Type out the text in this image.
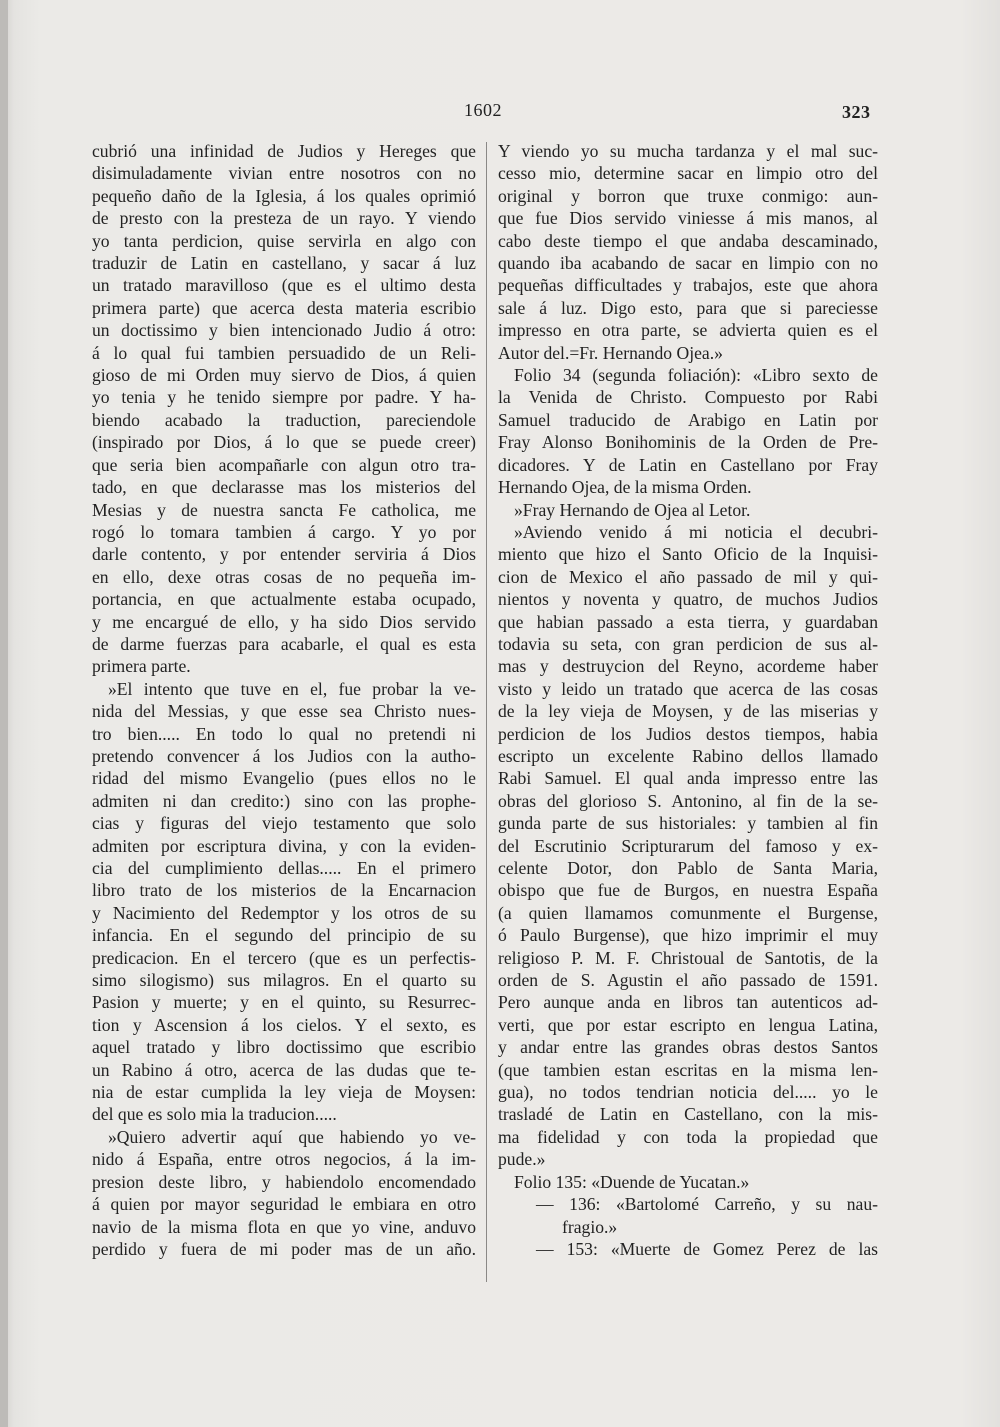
1602	323
cubrió una infinidad de Judios y Hereges que
disimuladamente vivian entre nosotros con no
pequeño daño de la Iglesia, á los quales oprimió
de presto con la presteza de un rayo. Y viendo
yo tanta perdicion, quise servirla en algo con
traduzir de Latin en castellano, y sacar á luz
un tratado maravilloso (que es el ultimo desta
primera parte) que acerca desta materia escribio
un doctissimo y bien intencionado Judio á otro:
á lo qual fui tambien persuadido de un Reli-
gioso de mi Orden muy siervo de Dios, á quien
yo tenia y he tenido siempre por padre. Y ha-
biendo acabado la traduction, pareciendole
(inspirado por Dios, á lo que se puede creer)
que seria bien acompañarle con algun otro tra-
tado, en que declarasse mas los misterios del
Mesias y de nuestra sancta Fe catholica, me
rogó lo tomara tambien á cargo. Y yo por
darle contento, y por entender serviria á Dios
en ello, dexe otras cosas de no pequeña im-
portancia, en que actualmente estaba ocupado,
y me encargué de ello, y ha sido Dios servido
de darme fuerzas para acabarle, el qual es esta
primera parte.
»El intento que tuve en el, fue probar la ve-
nida del Messias, y que esse sea Christo nues-
tro bien..... En todo lo qual no pretendi ni
pretendo convencer á los Judios con la autho-
ridad del mismo Evangelio (pues ellos no le
admiten ni dan credito:) sino con las prophe-
cias y figuras del viejo testamento que solo
admiten por escriptura divina, y con la eviden-
cia del cumplimiento dellas..... En el primero
libro trato de los misterios de la Encarnacion
y Nacimiento del Redemptor y los otros de su
infancia. En el segundo del principio de su
predicacion. En el tercero (que es un perfectis-
simo silogismo) sus milagros. En el quarto su
Pasion y muerte; y en el quinto, su Resurrec-
tion y Ascension á los cielos. Y el sexto, es
aquel tratado y libro doctissimo que escribio
un Rabino á otro, acerca de las dudas que te-
nia de estar cumplida la ley vieja de Moysen:
del que es solo mia la traducion.....
»Quiero advertir aquí que habiendo yo ve-
nido á España, entre otros negocios, á la im-
presion deste libro, y habiendolo encomendado
á quien por mayor seguridad le embiara en otro
navio de la misma flota en que yo vine, anduvo
perdido y fuera de mi poder mas de un año.
Y viendo yo su mucha tardanza y el mal suc-
cesso mio, determine sacar en limpio otro del
original y borron que truxe conmigo: aun-
que fue Dios servido viniesse á mis manos, al
cabo deste tiempo el que andaba descaminado,
quando iba acabando de sacar en limpio con no
pequeñas difficultades y trabajos, este que ahora
sale á luz. Digo esto, para que si pareciesse
impresso en otra parte, se advierta quien es el
Autor del.=Fr. Hernando Ojea.»
Folio 34 (segunda foliación): «Libro sexto de
la Venida de Christo. Compuesto por Rabi
Samuel traducido de Arabigo en Latin por
Fray Alonso Bonihominis de la Orden de Pre-
dicadores. Y de Latin en Castellano por Fray
Hernando Ojea, de la misma Orden.
»Fray Hernando de Ojea al Letor.
»Aviendo venido á mi noticia el decubri-
miento que hizo el Santo Oficio de la Inquisi-
cion de Mexico el año passado de mil y qui-
nientos y noventa y quatro, de muchos Judios
que habian passado a esta tierra, y guardaban
todavia su seta, con gran perdicion de sus al-
mas y destruycion del Reyno, acordeme haber
visto y leido un tratado que acerca de las cosas
de la ley vieja de Moysen, y de las miserias y
perdicion de los Judios destos tiempos, habia
escripto un excelente Rabino dellos llamado
Rabi Samuel. El qual anda impresso entre las
obras del glorioso S. Antonino, al fin de la se-
gunda parte de sus historiales: y tambien al fin
del Escrutinio Scripturarum del famoso y ex-
celente Dotor, don Pablo de Santa Maria,
obispo que fue de Burgos, en nuestra España
(a quien llamamos comunmente el Burgense,
ó Paulo Burgense), que hizo imprimir el muy
religioso P. M. F. Christoual de Santotis, de la
orden de S. Agustin el año passado de 1591.
Pero aunque anda en libros tan autenticos ad-
verti, que por estar escripto en lengua Latina,
y andar entre las grandes obras destos Santos
(que tambien estan escritas en la misma len-
gua), no todos tendrian noticia del..... yo le
trasladé de Latin en Castellano, con la mis-
ma fidelidad y con toda la propiedad que
pude.»
Folio 135: «Duende de Yucatan.»
— 136: «Bartolomé Carreño, y su nau-
fragio.»
— 153: «Muerte de Gomez Perez de las
